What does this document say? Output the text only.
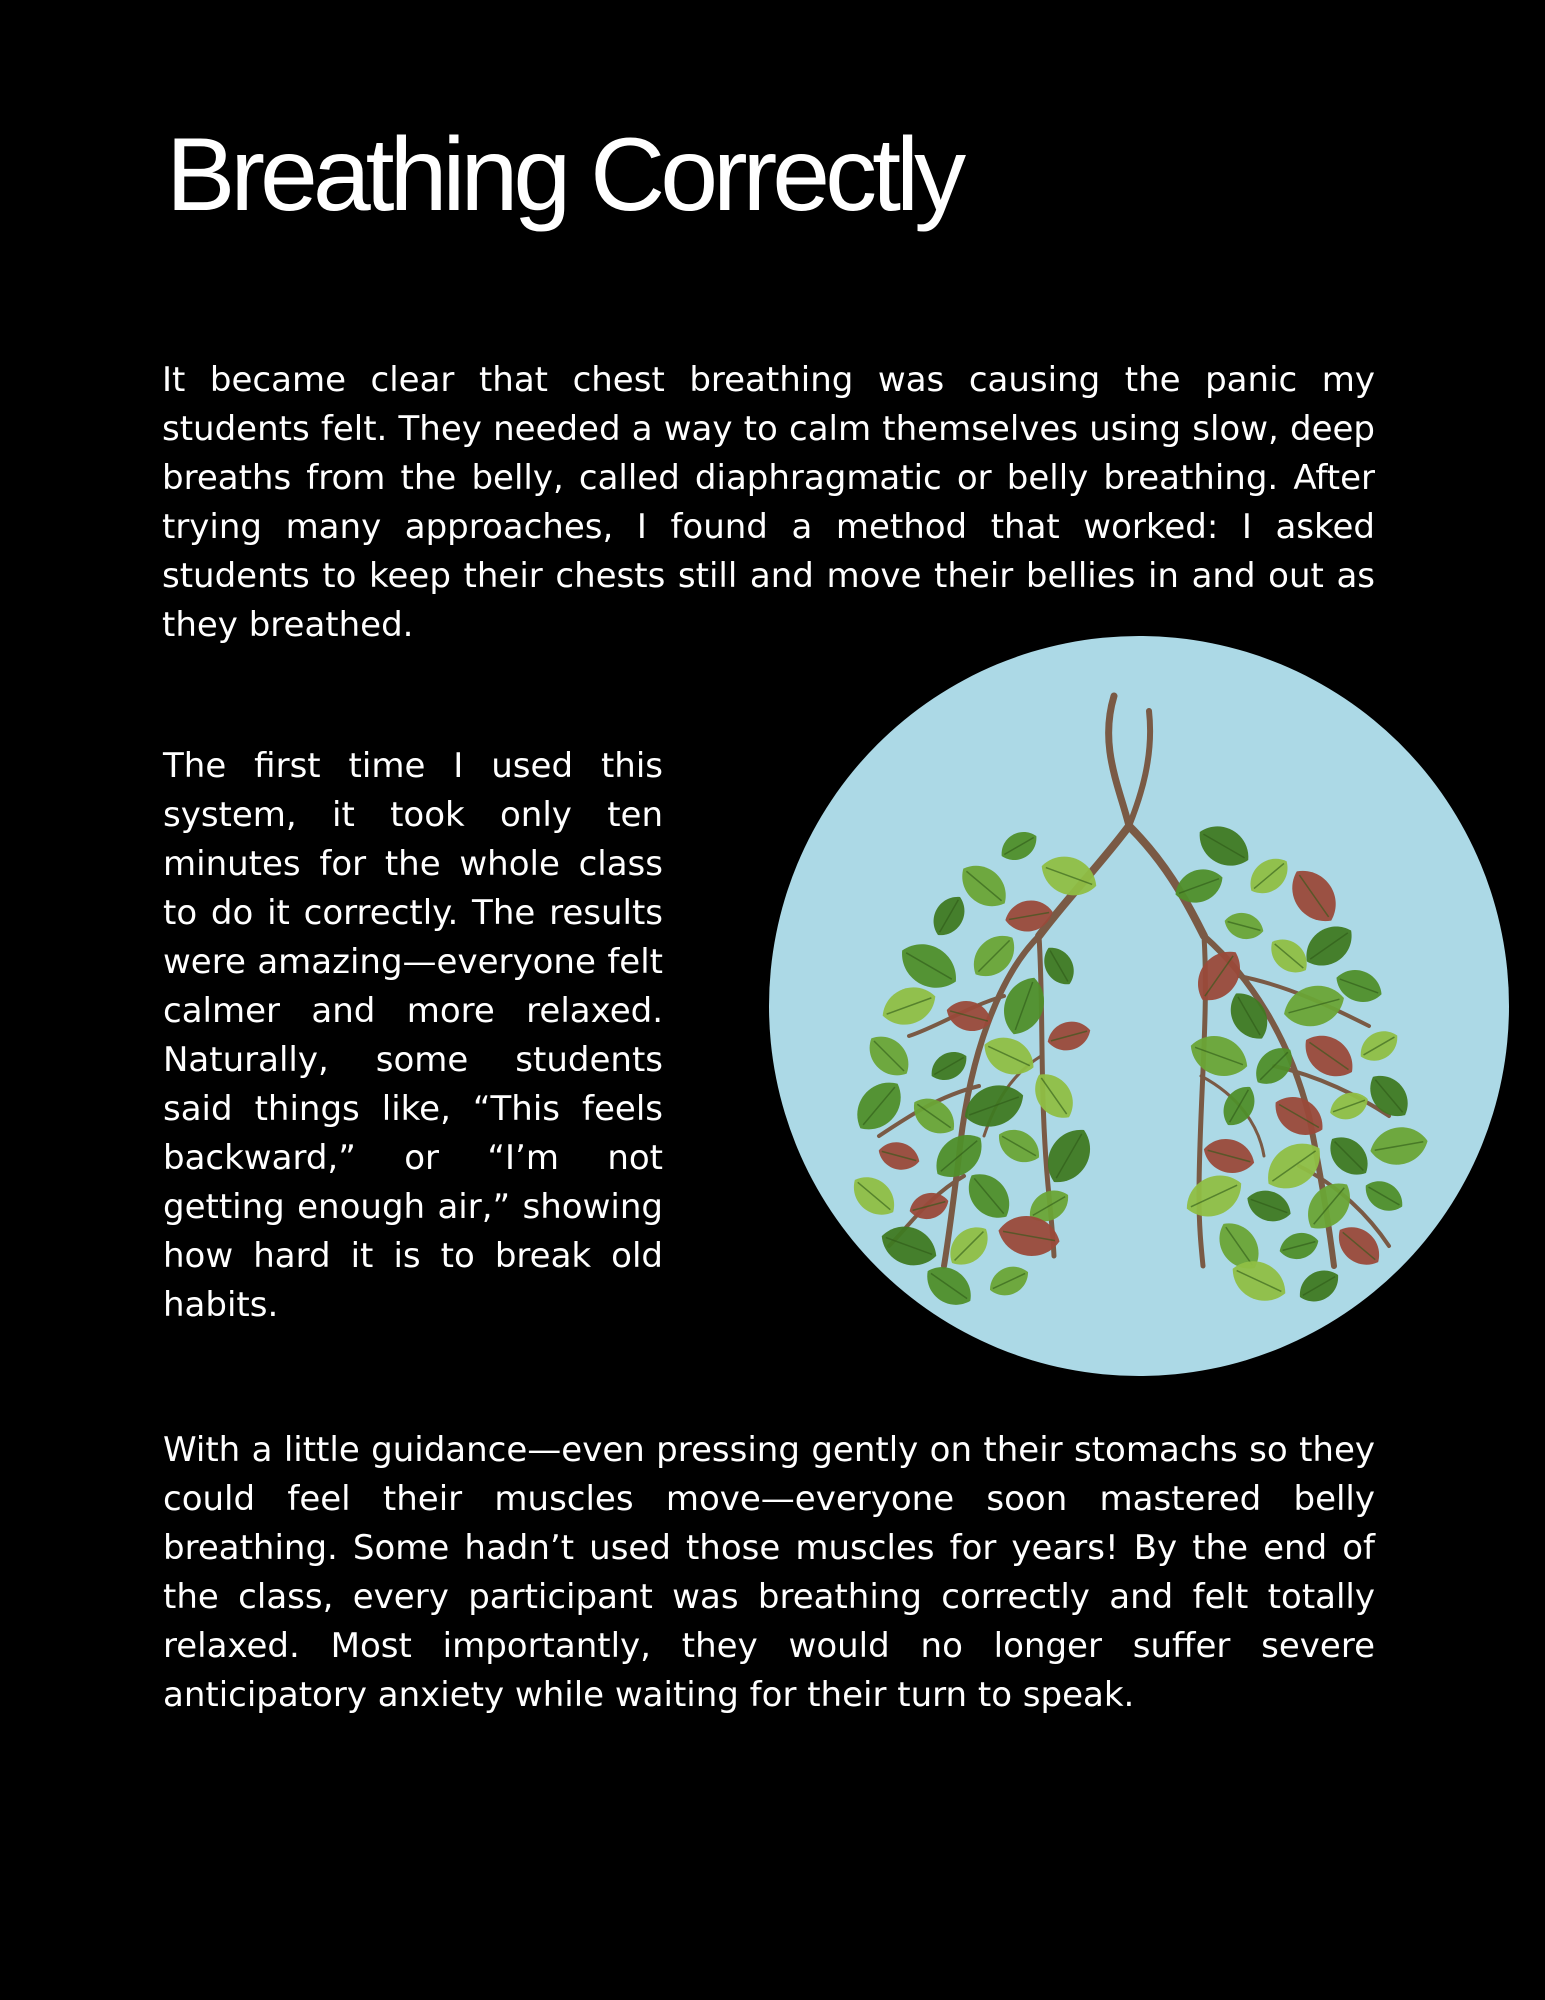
Breathing Correctly

It became clear that chest breathing was causing the panic my students felt. They needed a way to calm themselves using slow, deep breaths from the belly, called diaphragmatic or belly breathing. After trying many approaches, I found a method that worked: I asked students to keep their chests still and move their bellies in and out as they breathed.

The first time I used this system, it took only ten minutes for the whole class to do it correctly. The results were amazing—everyone felt calmer and more relaxed. Naturally, some students said things like, “This feels backward,” or “I’m not getting enough air,” showing how hard it is to break old habits.

With a little guidance—even pressing gently on their stomachs so they could feel their muscles move—everyone soon mastered belly breathing. Some hadn’t used those muscles for years! By the end of the class, every participant was breathing correctly and felt totally relaxed. Most importantly, they would no longer suffer severe anticipatory anxiety while waiting for their turn to speak.
